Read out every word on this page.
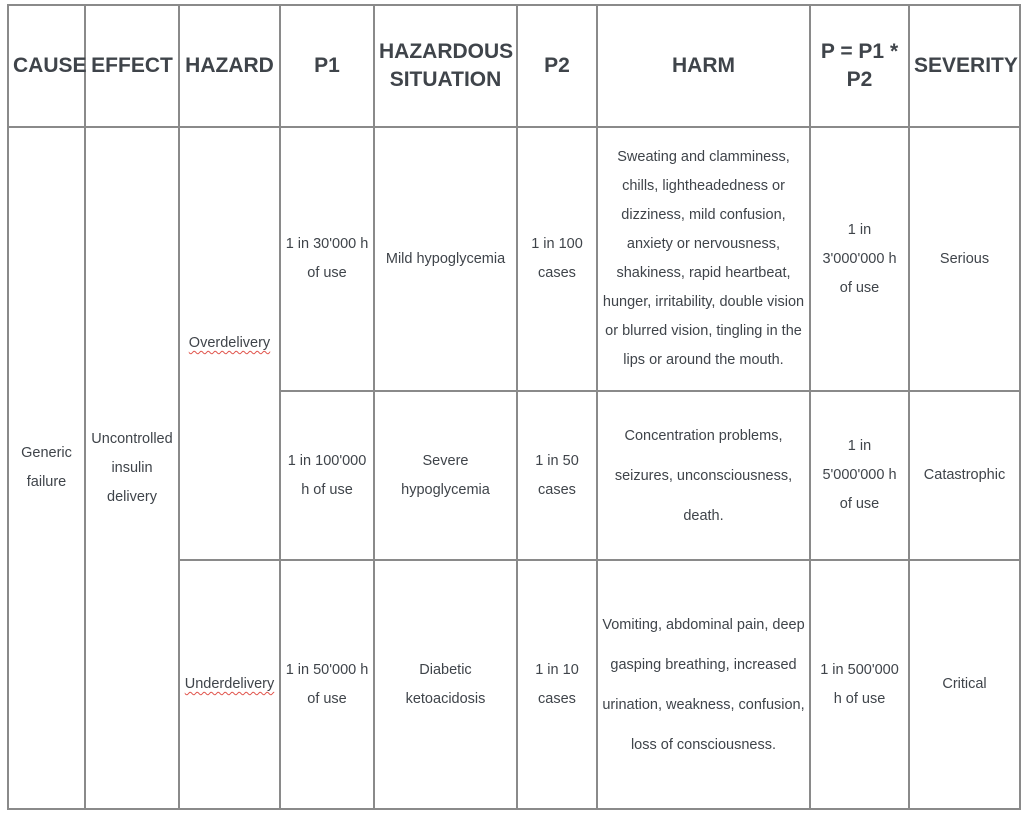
CAUSE	EFFECT	HAZARD	P1	HAZARDOUS SITUATION	P2	HARM	P = P1 * P2	SEVERITY
Generic failure	Uncontrolled insulin delivery	Overdelivery	1 in 30'000 h of use	Mild hypoglycemia	1 in 100 cases	Sweating and clamminess, chills, lightheadedness or dizziness, mild confusion, anxiety or nervousness, shakiness, rapid heartbeat, hunger, irritability, double vision or blurred vision, tingling in the lips or around the mouth.	1 in 3'000'000 h of use	Serious
			1 in 100'000 h of use	Severe hypoglycemia	1 in 50 cases	Concentration problems, seizures, unconsciousness, death.	1 in 5'000'000 h of use	Catastrophic
		Underdelivery	1 in 50'000 h of use	Diabetic ketoacidosis	1 in 10 cases	Vomiting, abdominal pain, deep gasping breathing, increased urination, weakness, confusion, loss of consciousness.	1 in 500'000 h of use	Critical
